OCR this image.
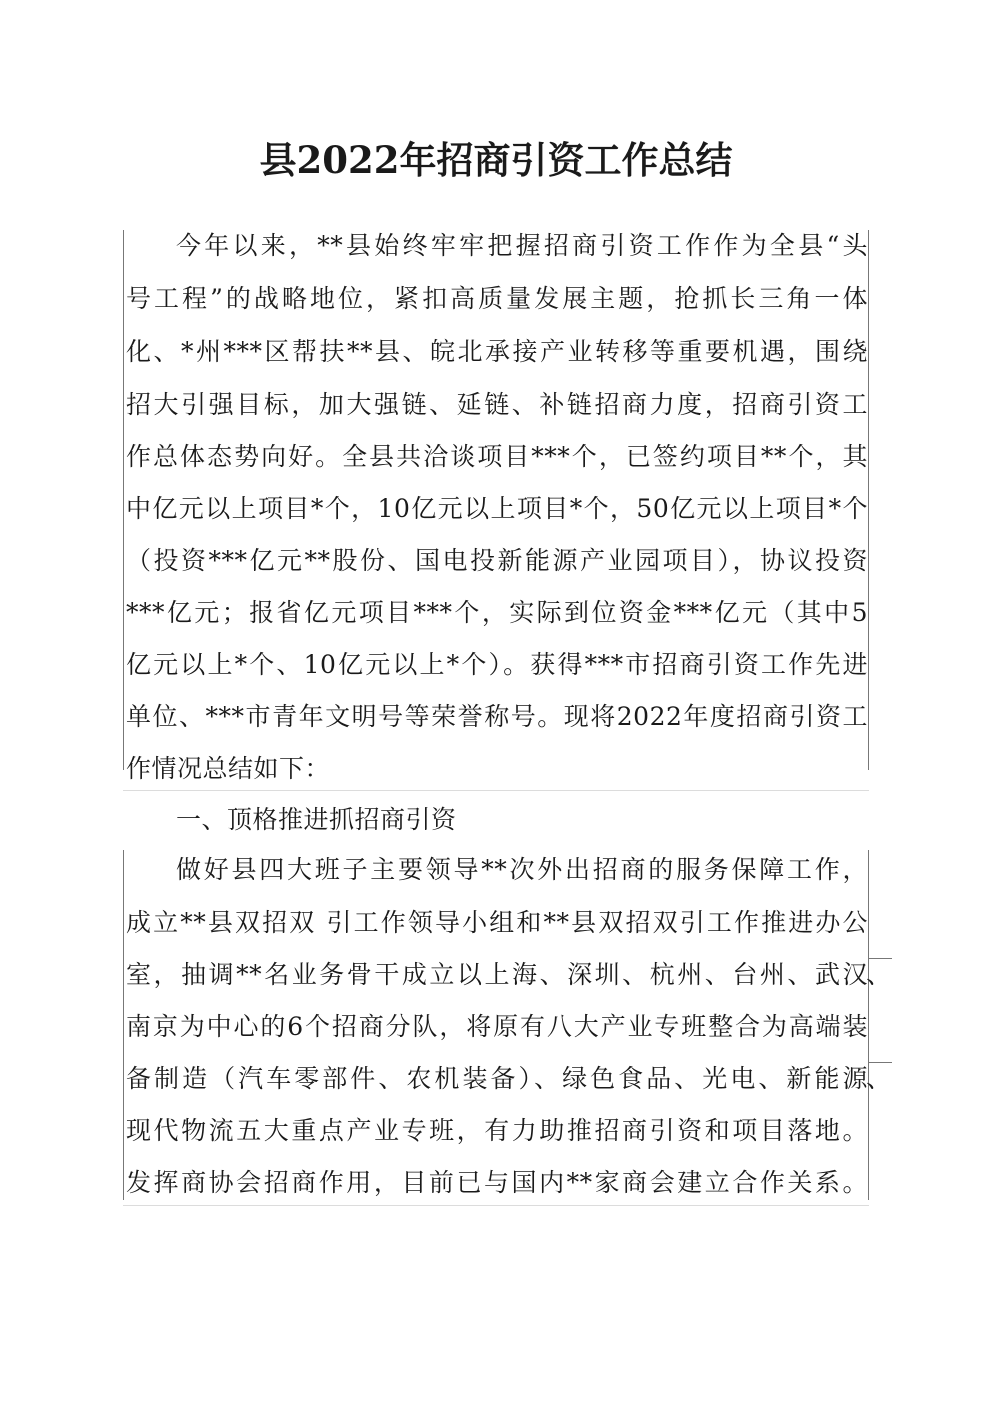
县2022年招商引资工作总结
今年以来，**县始终牢牢把握招商引资工作作为全县“头
号工程”的战略地位，紧扣高质量发展主题，抢抓长三角一体
化、*州***区帮扶**县、皖北承接产业转移等重要机遇，围绕
招大引强目标，加大强链、延链、补链招商力度，招商引资工
作总体态势向好。全县共洽谈项目***个，已签约项目**个，其
中亿元以上项目*个，10亿元以上项目*个，50亿元以上项目*个
（投资***亿元**股份、国电投新能源产业园项目），协议投资
***亿元；报省亿元项目***个，实际到位资金***亿元（其中5
亿元以上*个、10亿元以上*个）。获得***市招商引资工作先进
单位、***市青年文明号等荣誉称号。现将2022年度招商引资工
作情况总结如下：
一、顶格推进抓招商引资
做好县四大班子主要领导**次外出招商的服务保障工作，
成立**县双招双 引工作领导小组和**县双招双引工作推进办公
室，抽调**名业务骨干成立以上海、深圳、杭州、台州、武汉
、
南京为中心的6个招商分队，将原有八大产业专班整合为高端装
备制造（汽车零部件、农机装备）、绿色食品、光电、新能源
、
现代物流五大重点产业专班，有力助推招商引资和项目落地。
发挥商协会招商作用，目前已与国内**家商会建立合作关系。
